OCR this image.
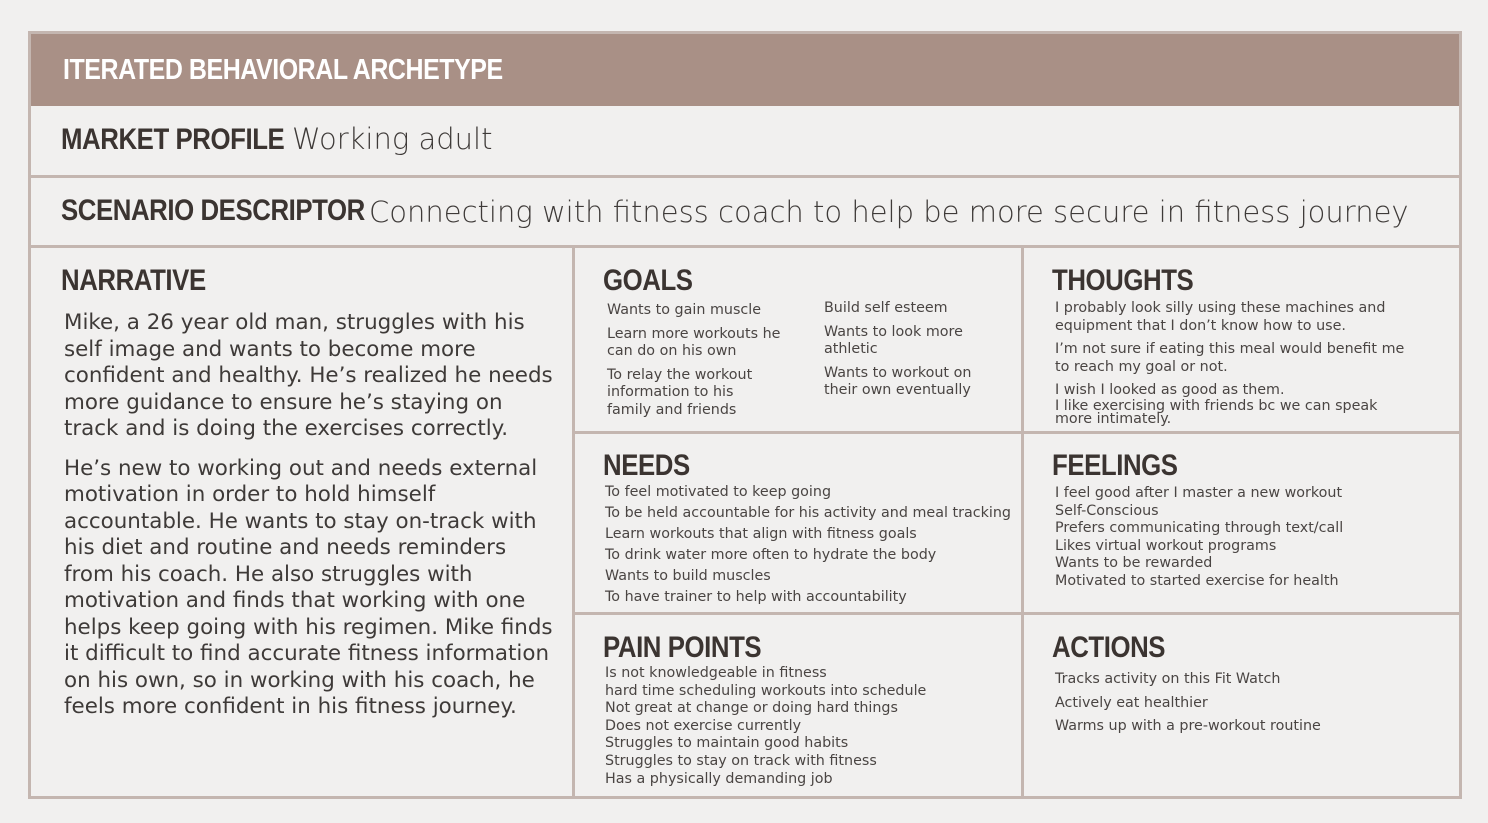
ITERATED BEHAVIORAL ARCHETYPE
MARKET PROFILE Working adult
SCENARIO DESCRIPTOR Connecting with fitness coach to help be more secure in fitness journey
NARRATIVE

Mike, a 26 year old man, struggles with his self image and wants to become more confident and healthy. He’s realized he needs more guidance to ensure he’s staying on track and is doing the exercises correctly.

He’s new to working out and needs external motivation in order to hold himself accountable. He wants to stay on-track with his diet and routine and needs reminders from his coach. He also struggles with motivation and finds that working with one helps keep going with his regimen. Mike finds it difficult to find accurate fitness information on his own, so in working with his coach, he feels more confident in his fitness journey.

GOALS
Wants to gain muscle
Learn more workouts he can do on his own
To relay the workout information to his family and friends
Build self esteem
Wants to look more athletic
Wants to workout on their own eventually
THOUGHTS
I probably look silly using these machines and equipment that I don’t know how to use.
I’m not sure if eating this meal would benefit me to reach my goal or not.
I wish I looked as good as them.
I like exercising with friends bc we can speak more intimately.
NEEDS
To feel motivated to keep going
To be held accountable for his activity and meal tracking
Learn workouts that align with fitness goals
To drink water more often to hydrate the body
Wants to build muscles
To have trainer to help with accountability
FEELINGS
I feel good after I master a new workout
Self-Conscious
Prefers communicating through text/call
Likes virtual workout programs
Wants to be rewarded
Motivated to started exercise for health
PAIN POINTS
Is not knowledgeable in fitness
hard time scheduling workouts into schedule
Not great at change or doing hard things
Does not exercise currently
Struggles to maintain good habits
Struggles to stay on track with fitness
Has a physically demanding job
ACTIONS
Tracks activity on this Fit Watch
Actively eat healthier
Warms up with a pre-workout routine
